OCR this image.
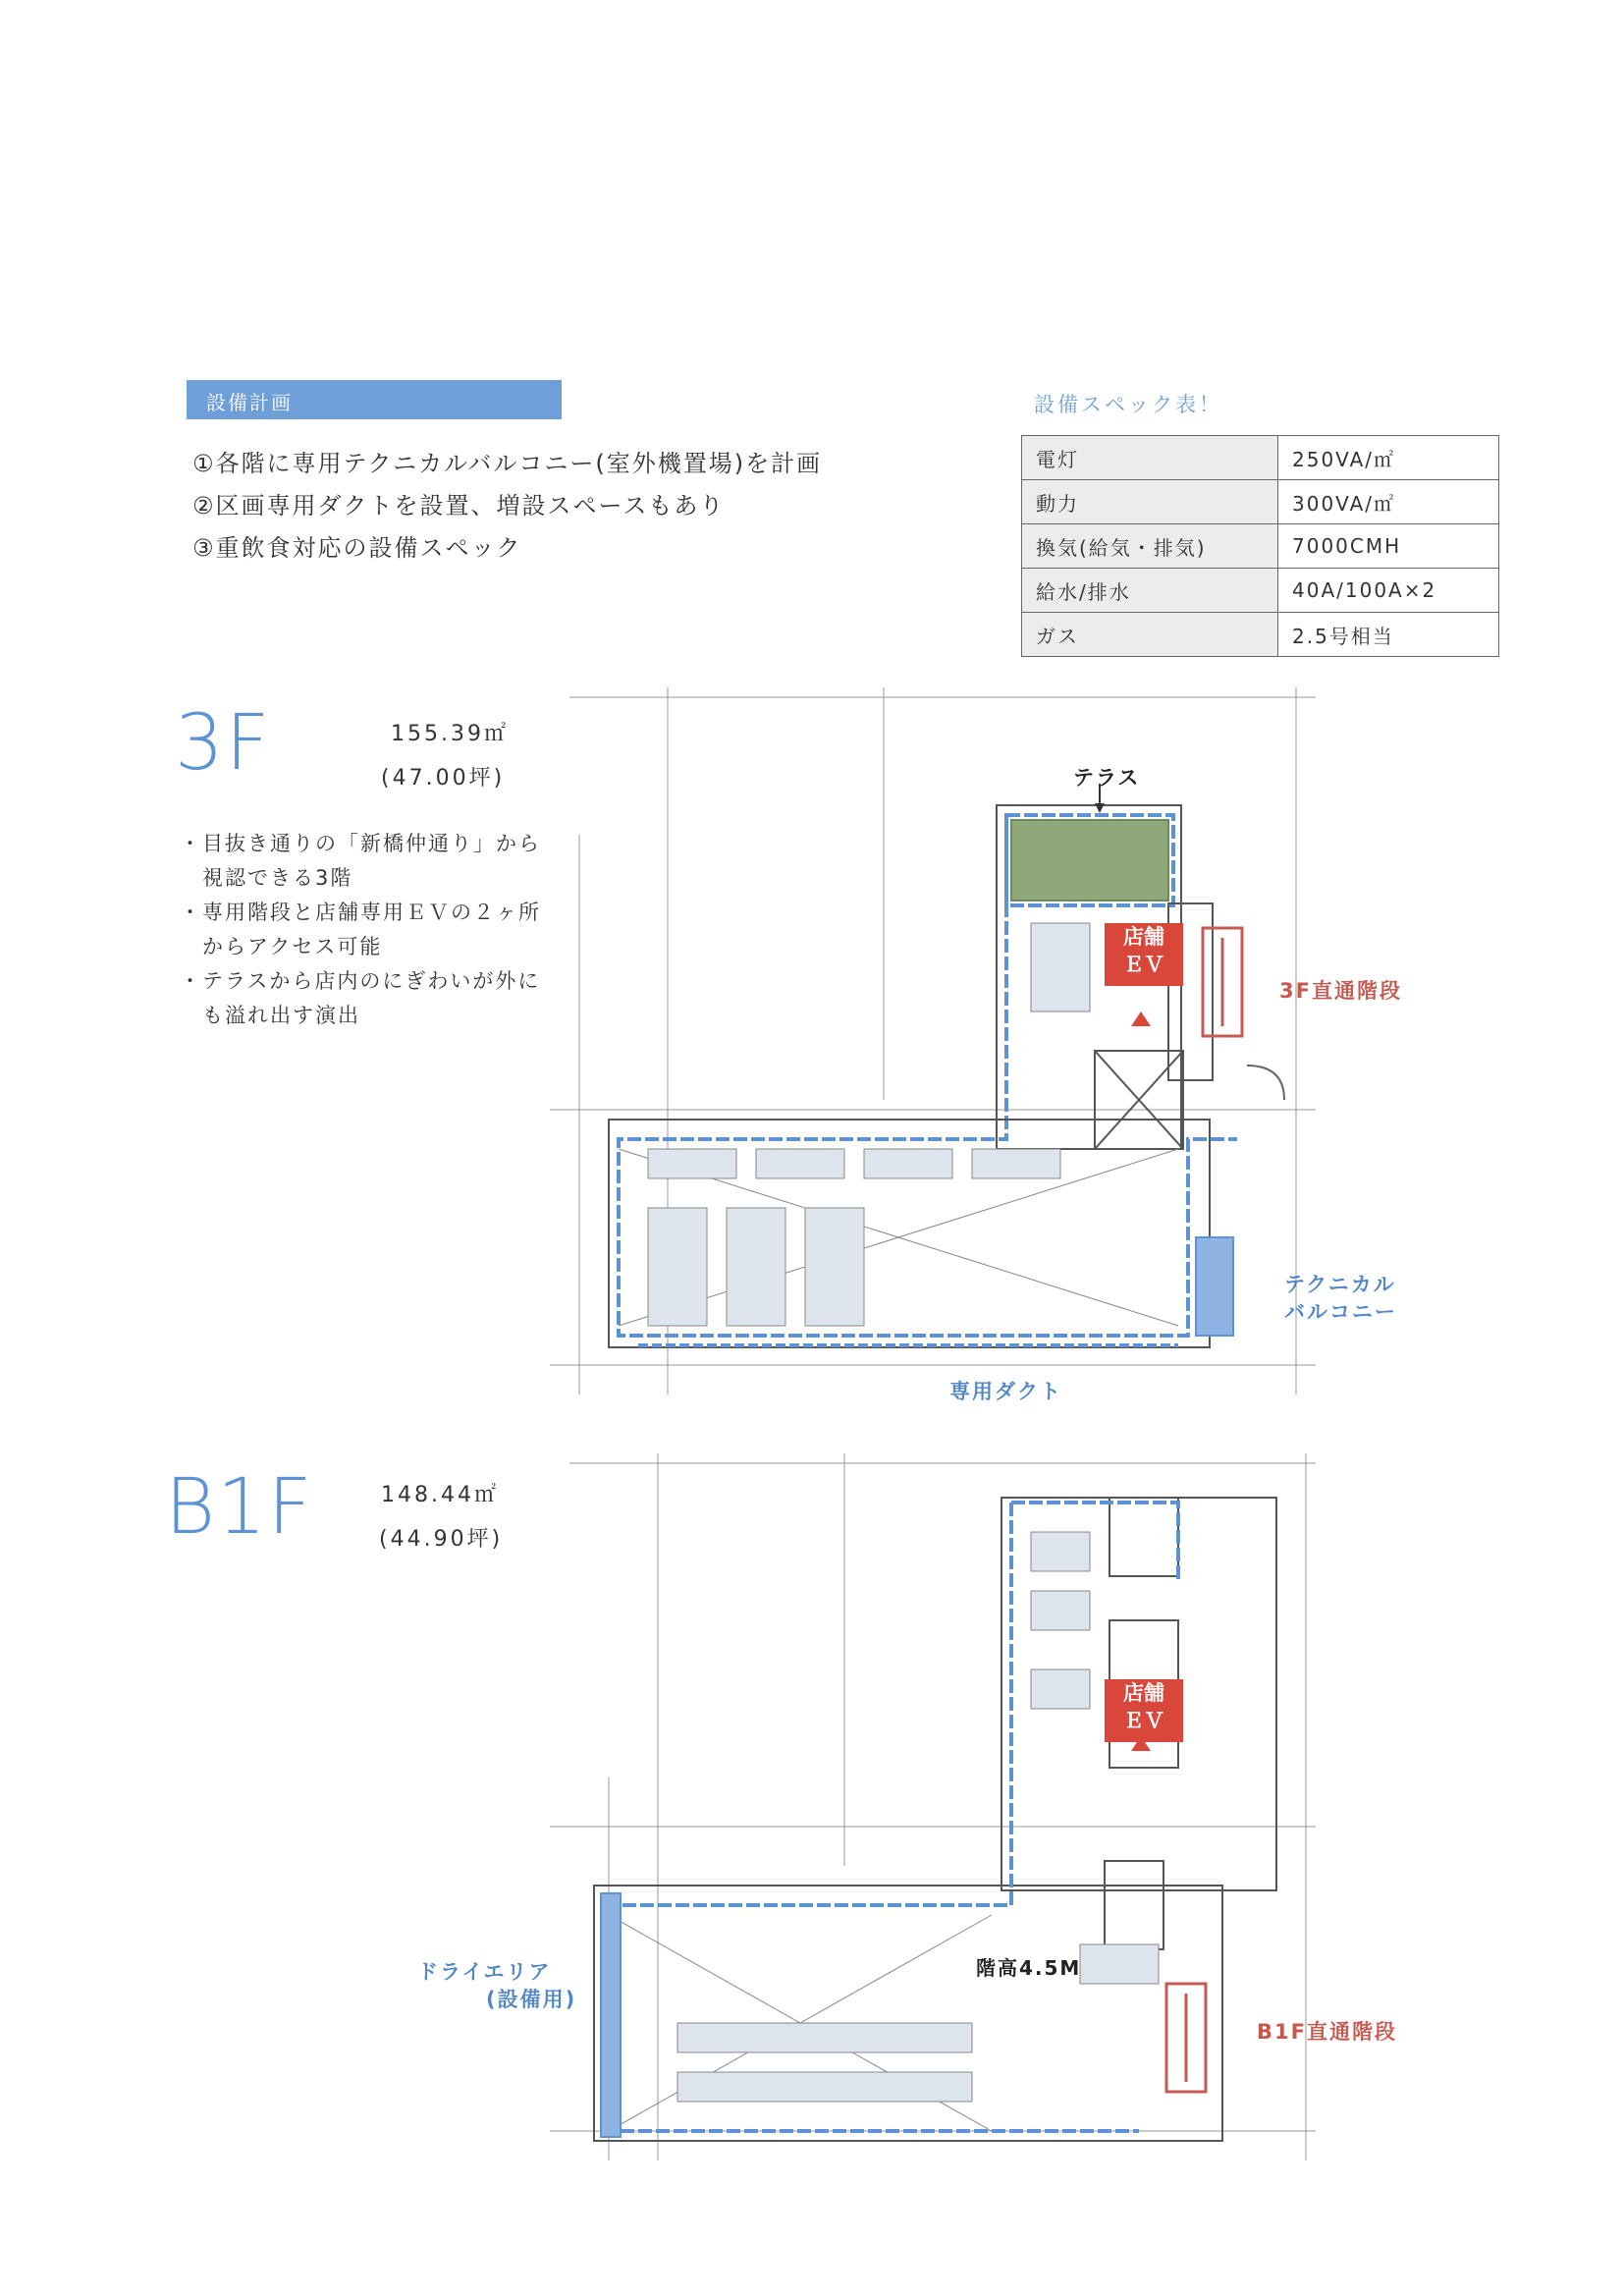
設備計画
①各階に専用テクニカルバルコニー(室外機置場)を計画
②区画専用ダクトを設置、増設スペースもあり
③重飲食対応の設備スペック
設備スペック表！
電灯	250VA/㎡
動力	300VA/㎡
換気(給気・排気)	7000CMH
給水/排水	40A/100A×2
ガス	2.5号相当
3F	155.39㎡
(47.00坪)
・目抜き通りの「新橋仲通り」から
　視認できる3階
・専用階段と店舗専用ＥＶの２ヶ所
　からアクセス可能
・テラスから店内のにぎわいが外に
　も溢れ出す演出
テラス
店舗
ＥＶ
3F直通階段
テクニカル
バルコニー
専用ダクト
B1F	148.44㎡
(44.90坪)
店舗
ＥＶ
階高4.5M
ドライエリア
(設備用)
B1F直通階段
